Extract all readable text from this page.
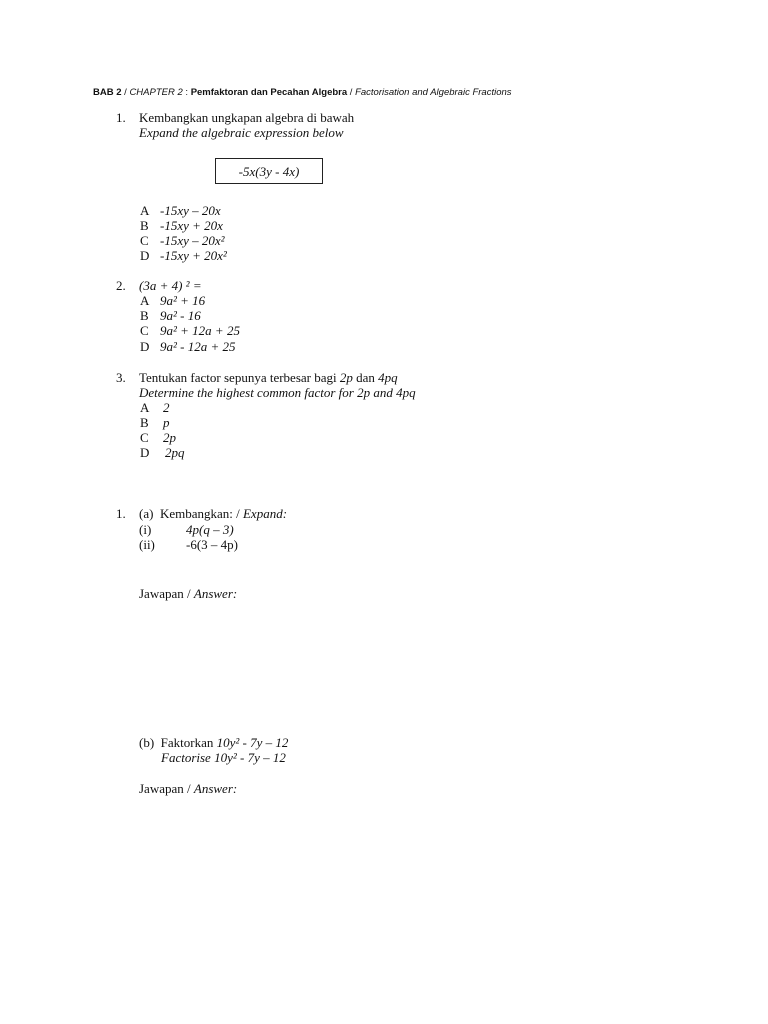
BAB 2 / CHAPTER 2 : Pemfaktoran dan Pecahan Algebra / Factorisation and Algebraic Fractions
1.	Kembangkan ungkapan algebra di bawah
Expand the algebraic expression below
-5x(3y - 4x)
A -15xy – 20x
B -15xy + 20x
C -15xy – 20x²
D -15xy + 20x²
2.	(3a + 4) ² =
A 9a² + 16
B 9a² - 16
C 9a² + 12a + 25
D 9a² - 12a + 25
3.	Tentukan factor sepunya terbesar bagi 2p dan 4pq
Determine the highest common factor for 2p and 4pq
A 2
B p
C 2p
D 2pq
1.	(a) Kembangkan: / Expand:
(i)	4p(q – 3)
(ii) -6(3 – 4p)
Jawapan / Answer:
(b) Faktorkan 10y² - 7y – 12
Factorise 10y² - 7y – 12
Jawapan / Answer:
